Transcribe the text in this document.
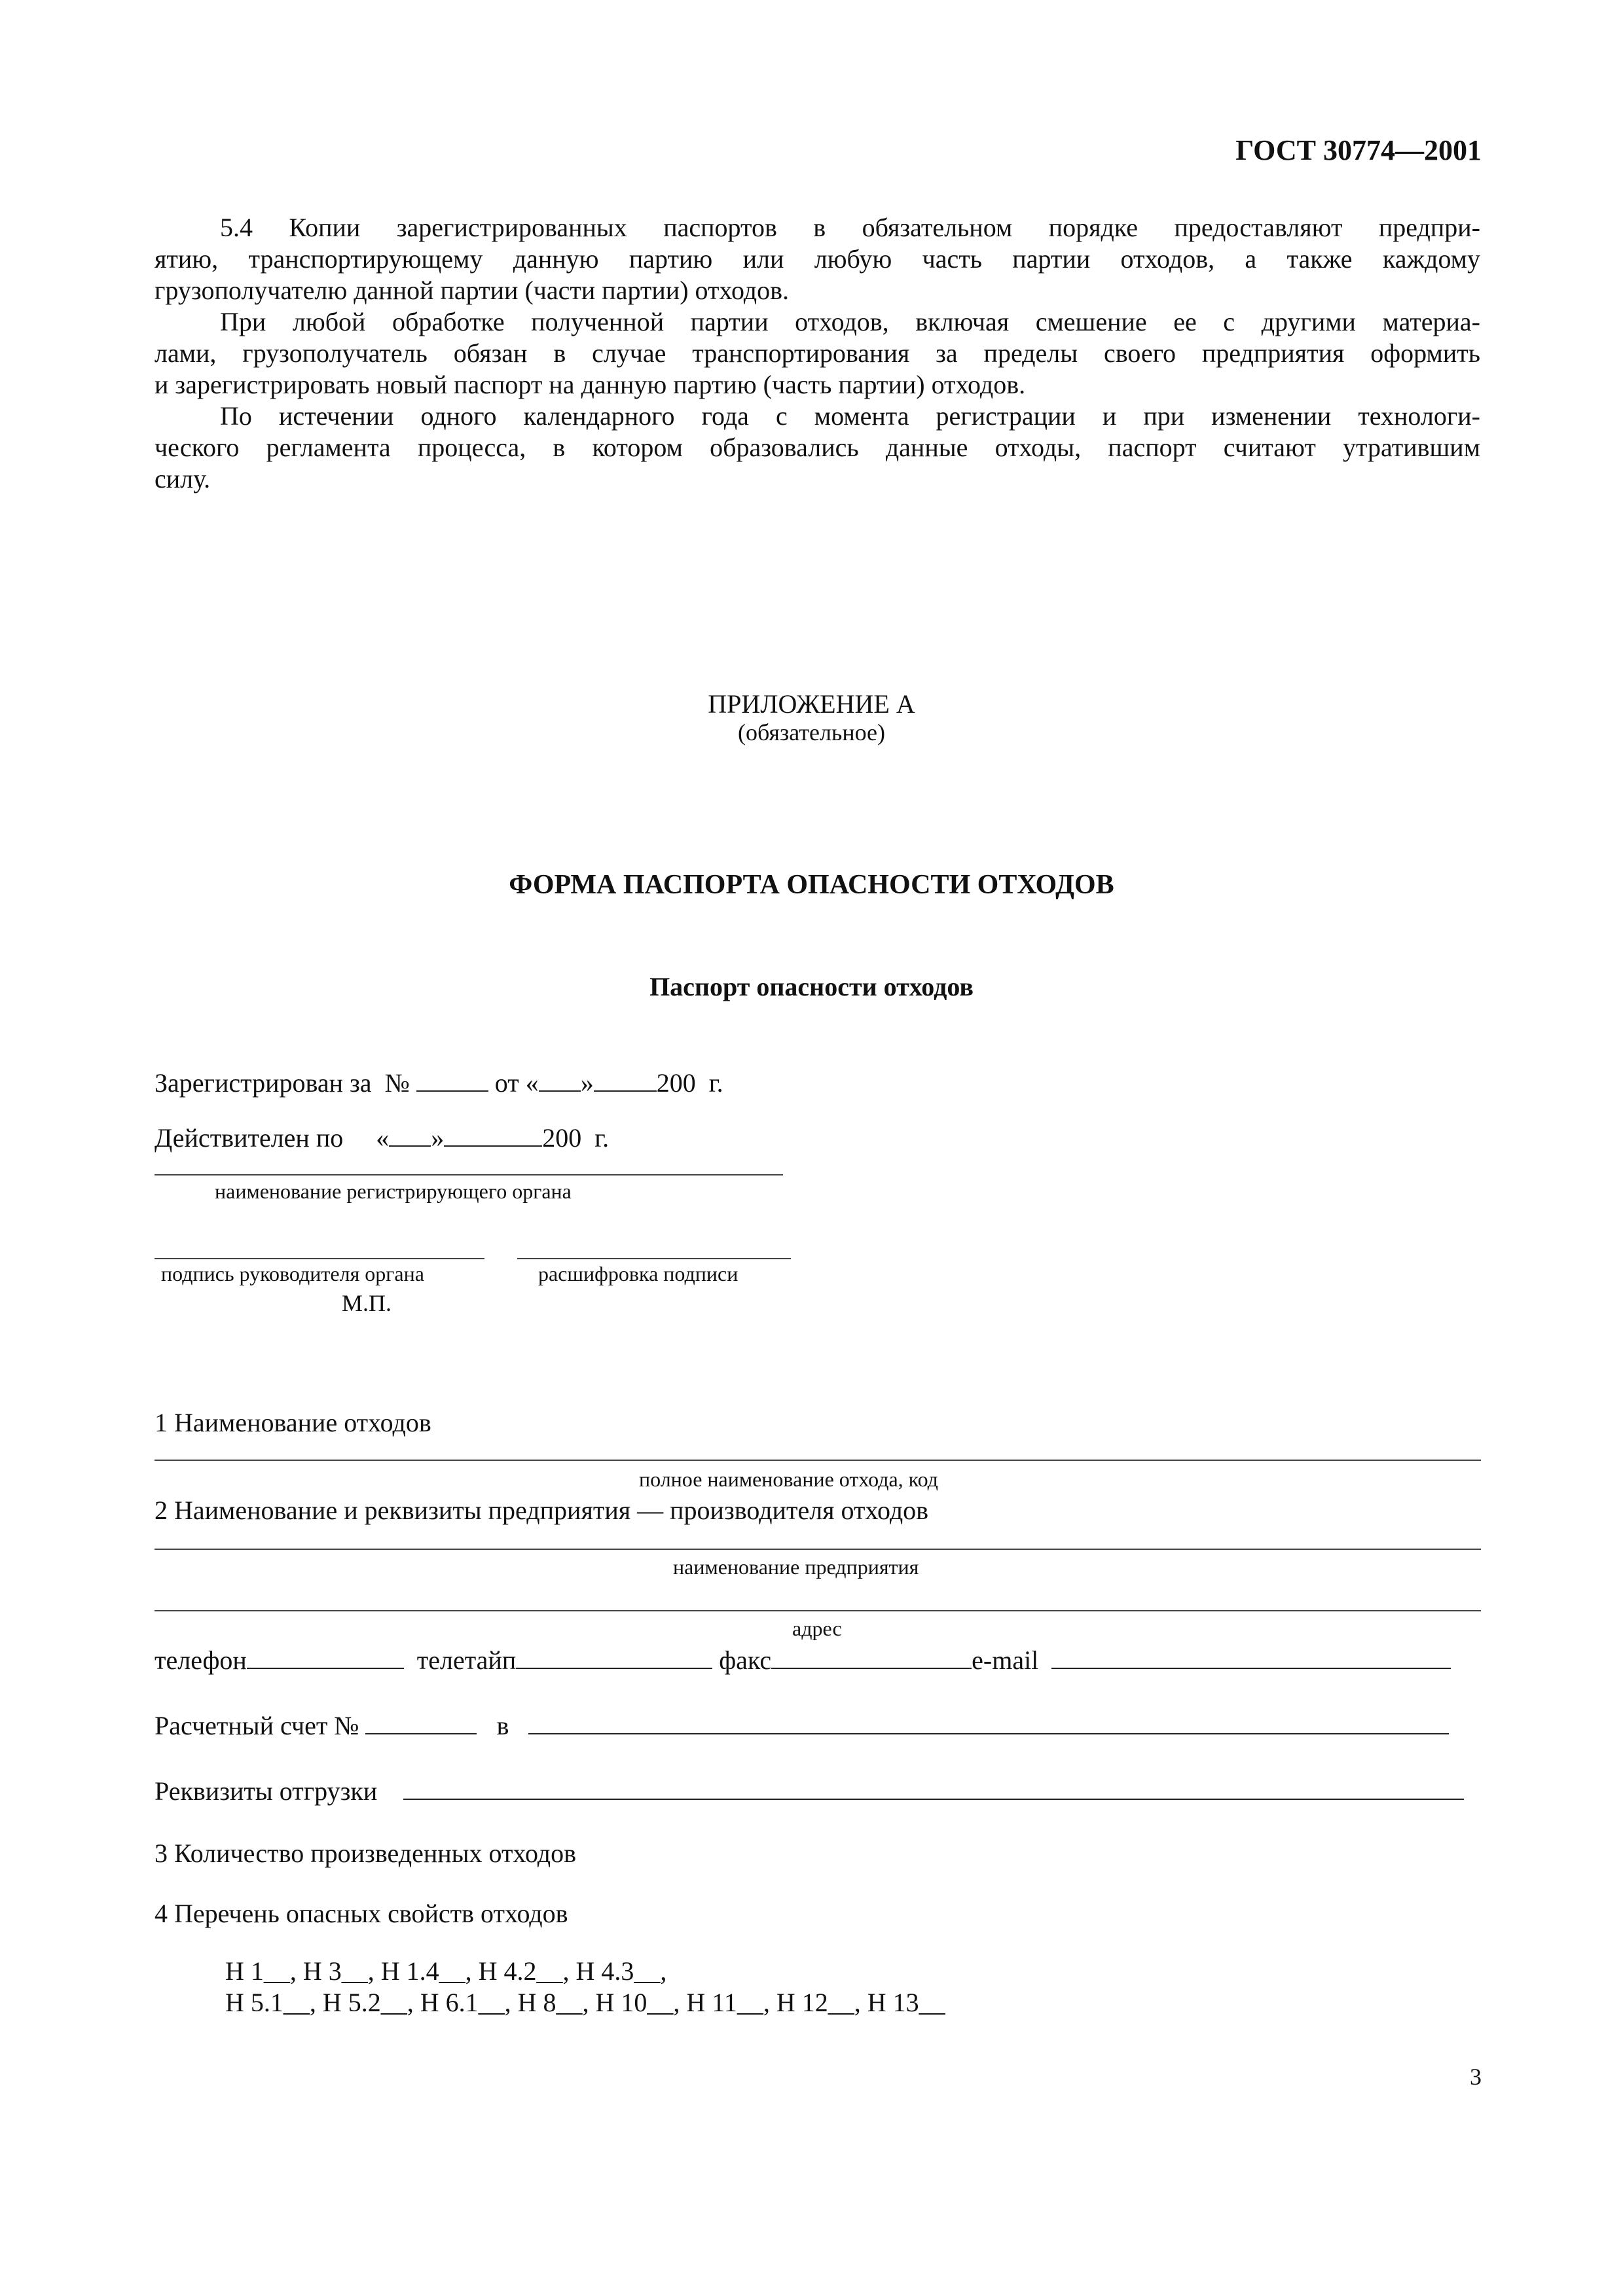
ГОСТ 30774—2001
5.4 Копии зарегистрированных паспортов в обязательном порядке предоставляют предпри-
ятию, транспортирующему данную партию или любую часть партии отходов, а также каждому
грузополучателю данной партии (части партии) отходов.
При любой обработке полученной партии отходов, включая смешение ее с другими материа-
лами, грузополучатель обязан в случае транспортирования за пределы своего предприятия оформить
и зарегистрировать новый паспорт на данную партию (часть партии) отходов.
По истечении одного календарного года с момента регистрации и при изменении технологи-
ческого регламента процесса, в котором образовались данные отходы, паспорт считают утратившим
силу.
ПРИЛОЖЕНИЕ А
(обязательное)
ФОРМА ПАСПОРТА ОПАСНОСТИ ОТХОДОВ
Паспорт опасности отходов
Зарегистрирован за №	от « » 200 г.
Действителен по « »	200 г.
наименование регистрирующего органа
подпись руководителя органа	расшифровка подписи
М.П.
1 Наименование отходов
полное наименование отхода, код
2 Наименование и реквизиты предприятия — производителя отходов
наименование предприятия
адрес
телефон	телетайп	факс	e-mail
Расчетный счет №	в
Реквизиты отгрузки
3 Количество произведенных отходов
4 Перечень опасных свойств отходов
Н 1__, Н 3__, Н 1.4__, Н 4.2__, Н 4.3__,
Н 5.1__, Н 5.2__, Н 6.1__, Н 8__, Н 10__, Н 11__, Н 12__, Н 13__
3
